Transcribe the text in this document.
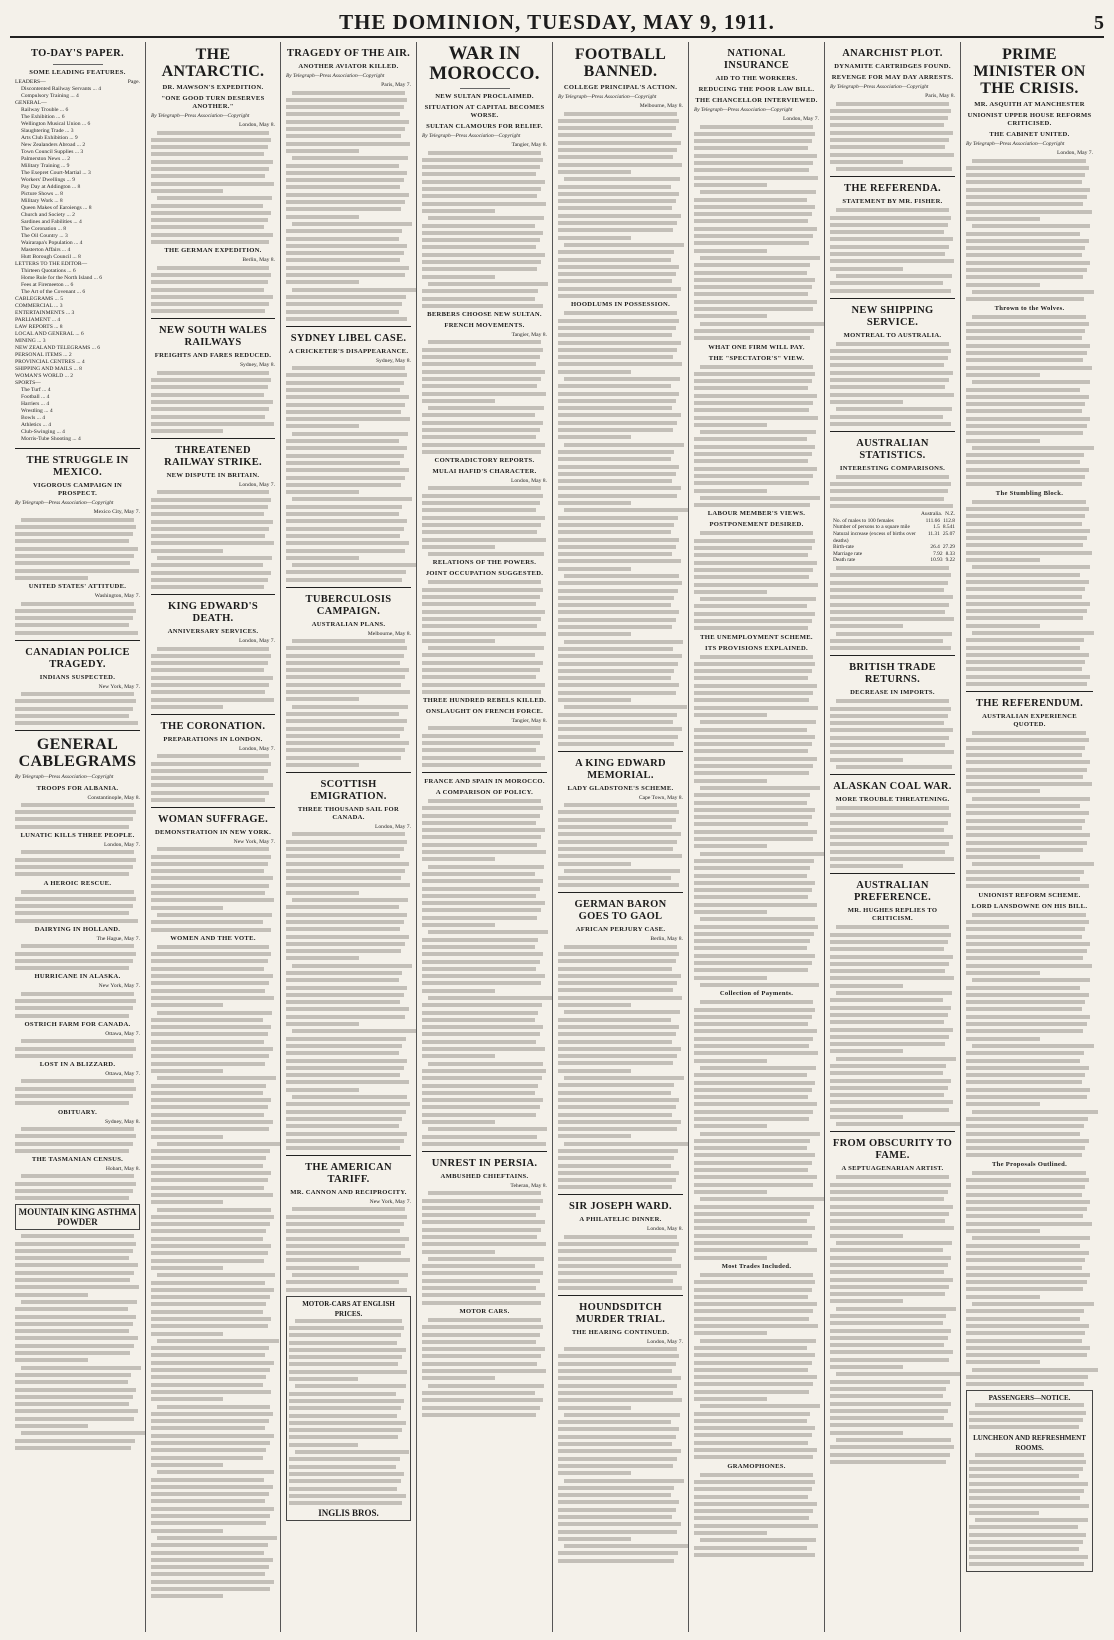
THE DOMINION, TUESDAY, MAY 9, 1911.	5
TO-DAY'S PAPER.
SOME LEADING FEATURES.
LEADERS—	Page.
Discontented Railway Servants ... 4
Compulsory Training ... 4
GENERAL—
Railway Trouble ... 6
The Exhibition ... 6
Wellington Musical Union ... 6
Slaughtering Trade ... 3
Arts Club Exhibition ... 9
New Zealanders Abroad ... 2
Town Council Supplies ... 3
Palmerston News ... 2
Military Training ... 9
The Exepret Court-Martial ... 3
Workers' Dwellings ... 9
Pay Day at Addington ... 8
Picture Shows ... 8
Military Work ... 8
Queen Makes of Earoiengs ... 8
Church and Society ... 2
Sardines and Fabilities ... 4
The Coronation ... 8
The Oil Country ... 3
Wairarapa's Population ... 4
Masterton Affairs ... 4
Hutt Borough Council ... 8
LETTERS TO THE EDITOR—
Thirteen Quotations ... 6
Home Rule for the North Island ... 6
Fees at Firemeeton ... 6
The Art of the Covenant ... 6
CABLEGRAMS ... 5
COMMERCIAL ... 3
ENTERTAINMENTS ... 3
PARLIAMENT ... 4
LAW REPORTS ... 8
LOCAL AND GENERAL ... 6
MINING ... 3
NEW ZEALAND TELEGRAMS ... 6
PERSONAL ITEMS ... 2
PROVINCIAL CENTRES ... 4
SHIPPING AND MAILS ... 8
WOMAN'S WORLD ... 2
SPORTS—
The Turf ... 4
Football ... 4
Harriers ... 4
Wrestling ... 4
Bowls ... 4
Athletics ... 4
Club-Swinging ... 4
Morris-Tube Shooting ... 4
THE STRUGGLE IN MEXICO.
VIGOROUS CAMPAIGN IN PROSPECT.
By Telegraph—Press Association—Copyright
Mexico City, May 7.
UNITED STATES' ATTITUDE.
Washington, May 7.
CANADIAN POLICE TRAGEDY.
INDIANS SUSPECTED.
New York, May 7.
GENERAL CABLEGRAMS
By Telegraph—Press Association—Copyright
TROOPS FOR ALBANIA.
Constantinople, May 8.
LUNATIC KILLS THREE PEOPLE.
London, May 7.
A HEROIC RESCUE.
DAIRYING IN HOLLAND.
The Hague, May 7.
HURRICANE IN ALASKA.
New York, May 7.
OSTRICH FARM FOR CANADA.
Ottawa, May 7.
LOST IN A BLIZZARD.
Ottawa, May 7.
OBITUARY.
Sydney, May 8.
THE TASMANIAN CENSUS.
Hobart, May 8.
MOUNTAIN KING ASTHMA POWDER
THE ANTARCTIC.
DR. MAWSON'S EXPEDITION.
"ONE GOOD TURN DESERVES ANOTHER."
By Telegraph—Press Association—Copyright
London, May 8.
THE GERMAN EXPEDITION.
Berlin, May 8.
NEW SOUTH WALES RAILWAYS
FREIGHTS AND FARES REDUCED.
Sydney, May 8.
THREATENED RAILWAY STRIKE.
NEW DISPUTE IN BRITAIN.
London, May 7.
KING EDWARD'S DEATH.
ANNIVERSARY SERVICES.
London, May 7.
THE CORONATION.
PREPARATIONS IN LONDON.
London, May 7.
WOMAN SUFFRAGE.
DEMONSTRATION IN NEW YORK.
New York, May 7.
WOMEN AND THE VOTE.
TRAGEDY OF THE AIR.
ANOTHER AVIATOR KILLED.
By Telegraph—Press Association—Copyright
Paris, May 7.
SYDNEY LIBEL CASE.
A CRICKETER'S DISAPPEARANCE.
Sydney, May 8.
TUBERCULOSIS CAMPAIGN.
AUSTRALIAN PLANS.
Melbourne, May 8.
SCOTTISH EMIGRATION.
THREE THOUSAND SAIL FOR CANADA.
London, May 7.
THE AMERICAN TARIFF.
MR. CANNON AND RECIPROCITY.
New York, May 7.
MOTOR-CARS AT ENGLISH PRICES.
INGLIS BROS.
WAR IN MOROCCO.
NEW SULTAN PROCLAIMED.
SITUATION AT CAPITAL BECOMES WORSE.
SULTAN CLAMOURS FOR RELIEF.
By Telegraph—Press Association—Copyright
Tangier, May 8.
BERBERS CHOOSE NEW SULTAN.
FRENCH MOVEMENTS.
Tangier, May 8.
CONTRADICTORY REPORTS.
MULAI HAFID'S CHARACTER.
London, May 8.
RELATIONS OF THE POWERS.
JOINT OCCUPATION SUGGESTED.
THREE HUNDRED REBELS KILLED.
ONSLAUGHT ON FRENCH FORCE.
Tangier, May 8.
FRANCE AND SPAIN IN MOROCCO.
A COMPARISON OF POLICY.
UNREST IN PERSIA.
AMBUSHED CHIEFTAINS.
Teheran, May 8.
MOTOR CARS.
FOOTBALL BANNED.
COLLEGE PRINCIPAL'S ACTION.
By Telegraph—Press Association—Copyright
Melbourne, May 8.
HOODLUMS IN POSSESSION.
A KING EDWARD MEMORIAL.
LADY GLADSTONE'S SCHEME.
Cape Town, May 8.
GERMAN BARON GOES TO GAOL
AFRICAN PERJURY CASE.
Berlin, May 8.
SIR JOSEPH WARD.
A PHILATELIC DINNER.
London, May 8.
HOUNDSDITCH MURDER TRIAL.
THE HEARING CONTINUED.
London, May 7.
NATIONAL INSURANCE
AID TO THE WORKERS.
REDUCING THE POOR LAW BILL.
THE CHANCELLOR INTERVIEWED.
By Telegraph—Press Association—Copyright
London, May 7.
WHAT ONE FIRM WILL PAY.
THE "SPECTATOR'S" VIEW.
LABOUR MEMBER'S VIEWS.
POSTPONEMENT DESIRED.
THE UNEMPLOYMENT SCHEME.
ITS PROVISIONS EXPLAINED.
Collection of Payments.
Most Trades Included.
GRAMOPHONES.
ANARCHIST PLOT.
DYNAMITE CARTRIDGES FOUND.
REVENGE FOR MAY DAY ARRESTS.
By Telegraph—Press Association—Copyright
Paris, May 8.
THE REFERENDA.
STATEMENT BY MR. FISHER.
NEW SHIPPING SERVICE.
MONTREAL TO AUSTRALIA.
AUSTRALIAN STATISTICS.
INTERESTING COMPARISONS.
Australia. N.Z.
No. of males to 100 females	111.66 112.8
Number of persons to a square mile	1.5 8.541
Natural increase (excess of births over deaths)
11.31 25.07
Birth-rate	26.4 27.29
Marriage rate	7.92 8.33
Death rate	10.93 9.22
BRITISH TRADE RETURNS.
DECREASE IN IMPORTS.
ALASKAN COAL WAR.
MORE TROUBLE THREATENING.
AUSTRALIAN PREFERENCE.
MR. HUGHES REPLIES TO CRITICISM.
FROM OBSCURITY TO FAME.
A SEPTUAGENARIAN ARTIST.
PRIME MINISTER ON THE CRISIS.
MR. ASQUITH AT MANCHESTER
UNIONIST UPPER HOUSE REFORMS CRITICISED.
THE CABINET UNITED.
By Telegraph—Press Association—Copyright
London, May 7.
Thrown to the Wolves.
The Stumbling Block.
THE REFERENDUM.
AUSTRALIAN EXPERIENCE QUOTED.
UNIONIST REFORM SCHEME.
LORD LANSDOWNE ON HIS BILL.
The Proposals Outlined.
PASSENGERS—NOTICE.
LUNCHEON AND REFRESHMENT ROOMS.
